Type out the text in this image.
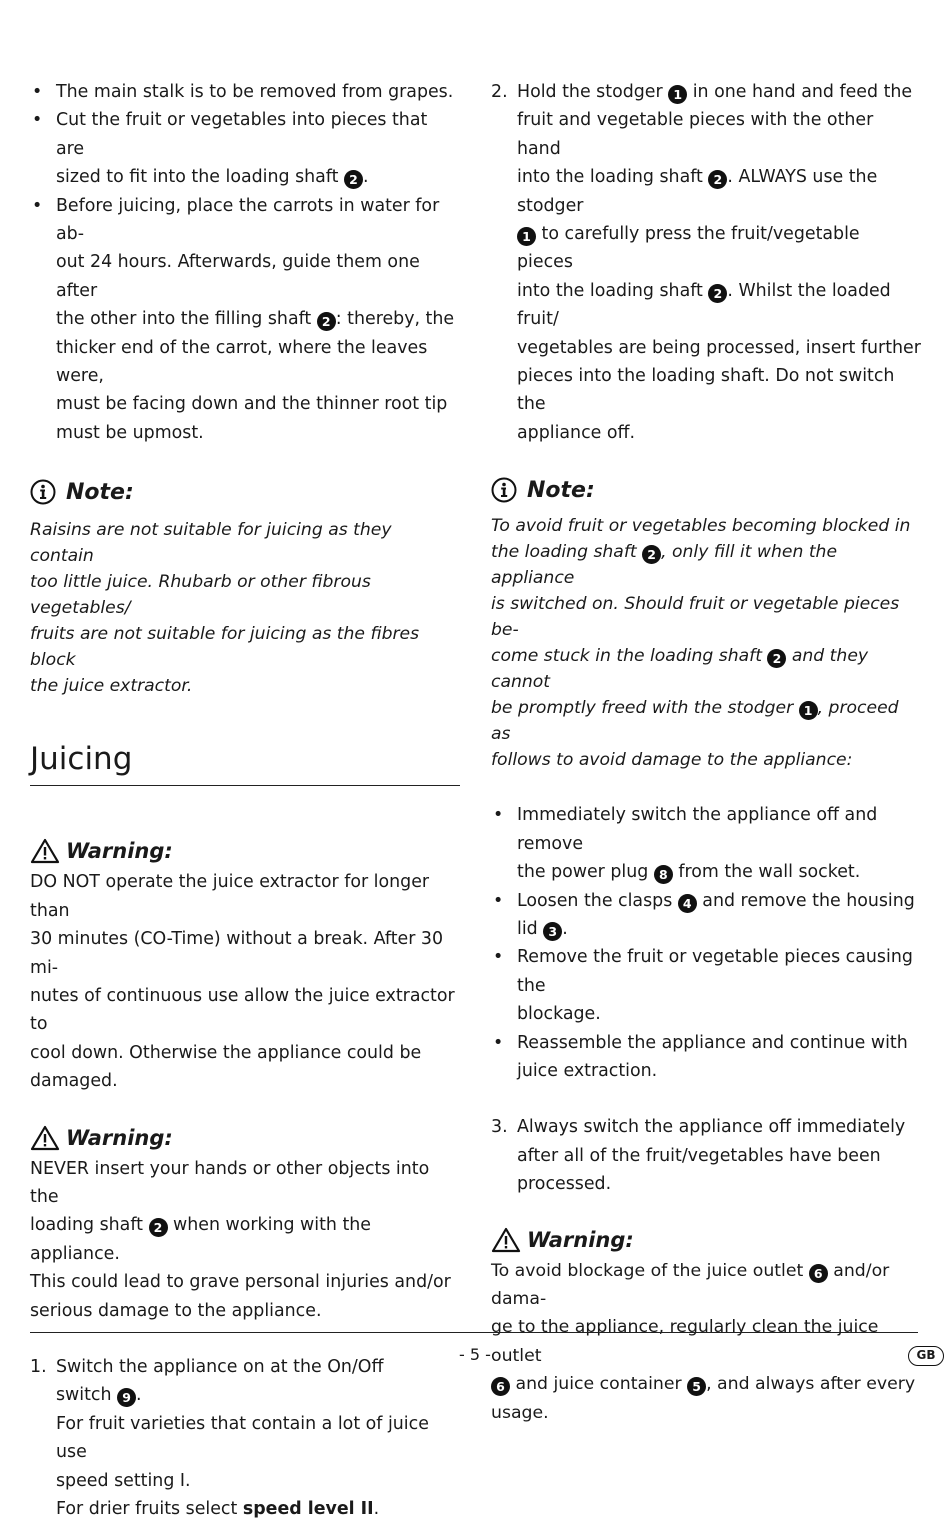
• The main stalk is to be removed from grapes.
• Cut the fruit or vegetables into pieces that are
sized to fit into the loading shaft 2 .
• Before juicing, place the carrots in water for ab-
out 24 hours. Afterwards, guide them one after
the other into the filling shaft 2 : thereby, the
thicker end of the carrot, where the leaves were,
must be facing down and the thinner root tip
must be upmost.
Note:

Raisins are not suitable for juicing as they contain

too little juice. Rhubarb or other fibrous vegetables/

fruits are not suitable for juicing as the fibres block

the juice extractor.

Juicing
Warning:

DO NOT operate the juice extractor for longer than

30 minutes (CO-Time) without a break. After 30 mi-

nutes of continuous use allow the juice extractor to

cool down. Otherwise the appliance could be

damaged.

Warning:

NEVER insert your hands or other objects into the

loading shaft 2 when working with the appliance.

This could lead to grave personal injuries and/or

serious damage to the appliance.

1. Switch the appliance on at the On/Off
switch 9 .
For fruit varieties that contain a lot of juice use
speed setting I.
For drier fruits select speed level II.
2. Hold the stodger 1 in one hand and feed the
fruit and vegetable pieces with the other hand
into the loading shaft 2 . ALWAYS use the stodger
1 to carefully press the fruit/vegetable pieces
into the loading shaft 2 . Whilst the loaded fruit/
vegetables are being processed, insert further
pieces into the loading shaft. Do not switch the
appliance off.
Note:

To avoid fruit or vegetables becoming blocked in

the loading shaft 2 , only fill it when the appliance

is switched on. Should fruit or vegetable pieces be-

come stuck in the loading shaft 2 and they cannot

be promptly freed with the stodger 1 , proceed as

follows to avoid damage to the appliance:

• Immediately switch the appliance off and remove
the power plug 8 from the wall socket.
• Loosen the clasps 4 and remove the housing
lid 3 .
• Remove the fruit or vegetable pieces causing the
blockage.
• Reassemble the appliance and continue with
juice extraction.
3. Always switch the appliance off immediately
after all of the fruit/vegetables have been
processed.
Warning:

To avoid blockage of the juice outlet 6 and/or dama-

ge to the appliance, regularly clean the juice outlet

6 and juice container 5 , and always after every

usage.

- 5 -	GB
